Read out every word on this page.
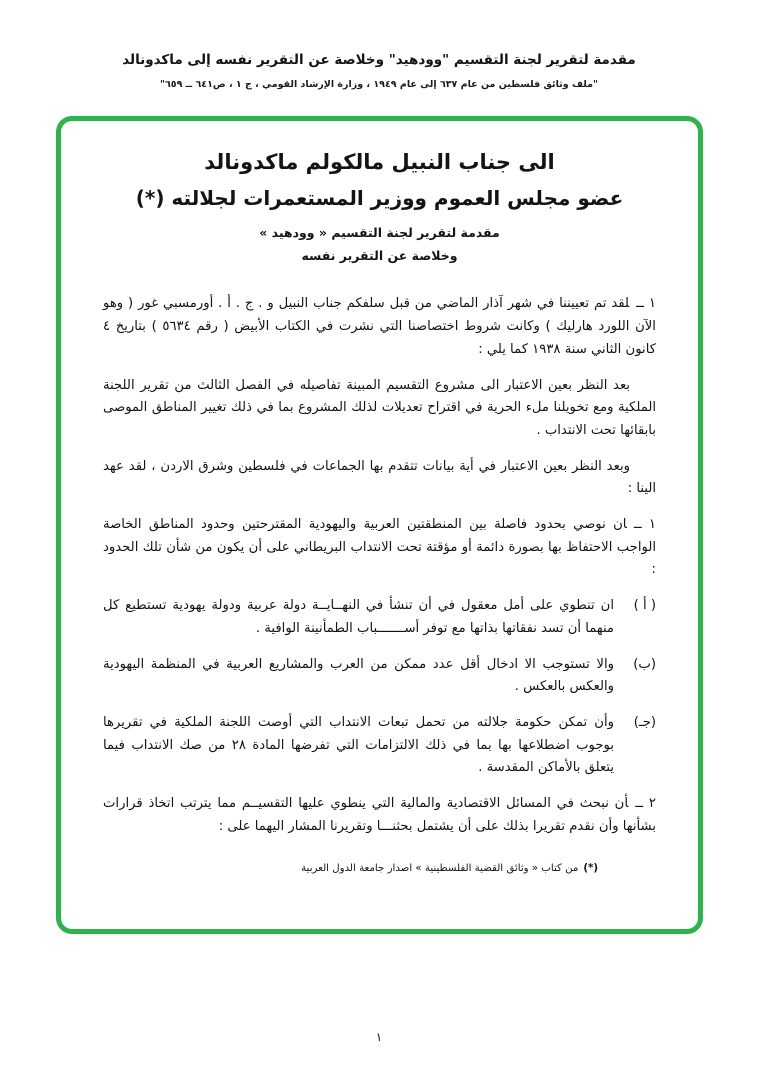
مقدمة لتقرير لجنة التقسيم "وودهيد" وخلاصة عن التقرير نفسه إلى ماكدونالد
"ملف وثائق فلسطين من عام ٦٣٧ إلى عام ١٩٤٩ ، وزارة الإرشاد القومي ، ج ١ ، ص٦٤١ ــ ٦٥٩"
الى جناب النبيل مالكولم ماكدونالد
عضو مجلس العموم ووزير المستعمرات لجلالته (*)
مقدمة لتقرير لجنة التقسيم « وودهيد »
وخلاصة عن التقرير نفسه

١ ــلقد تم تعييننا في شهر آذار الماضي من قبل سلفكم جناب النبيل و . ج . أ . أورمسبي غور ( وهو الآن اللورد هارليك ) وكانت شروط اختصاصنا التي نشرت في الكتاب الأبيض ( رقم ٥٦٣٤ ) بتاريخ ٤ كانون الثاني سنة ١٩٣٨ كما يلي :

بعد النظر بعين الاعتبار الى مشروع التقسيم المبينة تفاصيله في الفصل الثالث من تقرير اللجنة الملكية ومع تخويلنا ملء الحرية في اقتراح تعديلات لذلك المشروع بما في ذلك تغيير المناطق الموصى بابقائها تحت الانتداب .

وبعد النظر بعين الاعتبار في أية بيانات تتقدم بها الجماعات في فلسطين وشرق الاردن ، لقد عهد الينا :

١ ــان نوصي بحدود فاصلة بين المنطقتين العربية واليهودية المقترحتين وحدود المناطق الخاصة الواجب الاحتفاظ بها بصورة دائمة أو مؤقتة تحت الانتداب البريطاني على أن يكون من شأن تلك الحدود :

( أ )
ان تنطوي على أمل معقول في أن تنشأ في النهــايــة دولة عربية ودولة يهودية تستطيع كل منهما أن تسد نفقاتها بذاتها مع توفر أســـــــباب الطمأنينة الوافية .

(ب)
والا تستوجب الا ادخال أقل عدد ممكن من العرب والمشاريع العربية في المنظمة اليهودية والعكس بالعكس .

(جـ)
وأن تمكن حكومة جلالته من تحمل تبعات الانتداب التي أوصت اللجنة الملكية في تقريرها بوجوب اضطلاعها بها بما في ذلك الالتزامات التي تفرضها المادة ٢٨ من صك الانتداب فيما يتعلق بالأماكن المقدسة .

٢ ــأن نبحث في المسائل الاقتصادية والمالية التي ينطوي عليها التقسيــم مما يترتب اتخاذ قرارات بشأنها وأن نقدم تقريرا بذلك على أن يشتمل بحثنـــا وتقريرنا المشار اليهما على :

(*)من كتاب « وثائق القضية الفلسطينية » اصدار جامعة الدول العربية
١
